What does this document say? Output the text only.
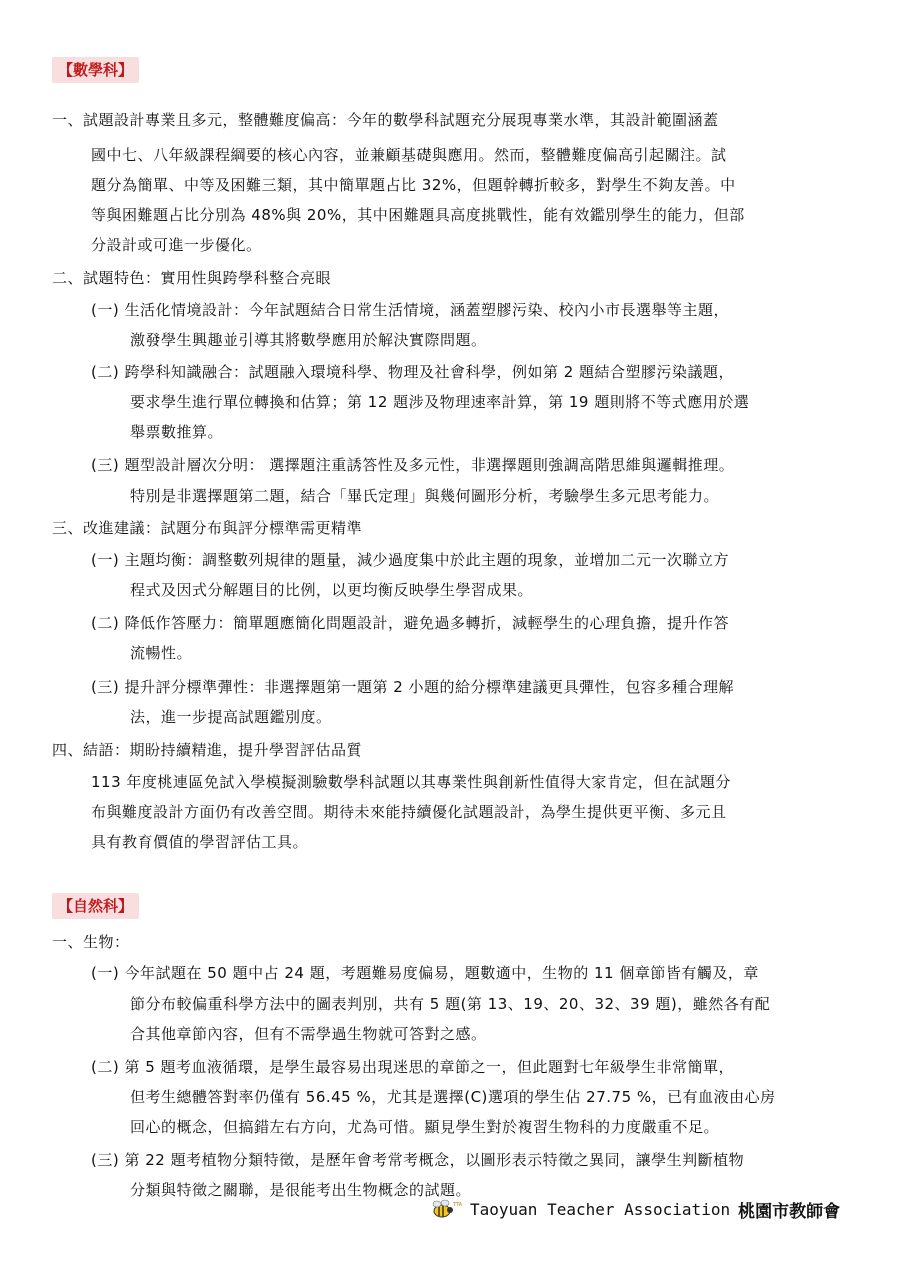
【數學科】
一、試題設計專業且多元，整體難度偏高：今年的數學科試題充分展現專業水準，其設計範圍涵蓋
國中七、八年級課程綱要的核心內容，並兼顧基礎與應用。然而，整體難度偏高引起關注。試
題分為簡單、中等及困難三類，其中簡單題占比 32%，但題幹轉折較多，對學生不夠友善。中
等與困難題占比分別為 48%與 20%，其中困難題具高度挑戰性，能有效鑑別學生的能力，但部
分設計或可進一步優化。
二、試題特色：實用性與跨學科整合亮眼
(一) 生活化情境設計：今年試題結合日常生活情境，涵蓋塑膠污染、校內小市長選舉等主題，
激發學生興趣並引導其將數學應用於解決實際問題。
(二) 跨學科知識融合：試題融入環境科學、物理及社會科學，例如第 2 題結合塑膠污染議題，
要求學生進行單位轉換和估算；第 12 題涉及物理速率計算，第 19 題則將不等式應用於選
舉票數推算。
(三) 題型設計層次分明： 選擇題注重誘答性及多元性，非選擇題則強調高階思維與邏輯推理。
特別是非選擇題第二題，結合「畢氏定理」與幾何圖形分析，考驗學生多元思考能力。
三、改進建議：試題分布與評分標準需更精準
(一) 主題均衡：調整數列規律的題量，減少過度集中於此主題的現象，並增加二元一次聯立方
程式及因式分解題目的比例，以更均衡反映學生學習成果。
(二) 降低作答壓力：簡單題應簡化問題設計，避免過多轉折，減輕學生的心理負擔，提升作答
流暢性。
(三) 提升評分標準彈性：非選擇題第一題第 2 小題的給分標準建議更具彈性，包容多種合理解
法，進一步提高試題鑑別度。
四、結語：期盼持續精進，提升學習評估品質
113 年度桃連區免試入學模擬測驗數學科試題以其專業性與創新性值得大家肯定，但在試題分
布與難度設計方面仍有改善空間。期待未來能持續優化試題設計，為學生提供更平衡、多元且
具有教育價值的學習評估工具。
【自然科】
一、生物：
(一) 今年試題在 50 題中占 24 題，考題難易度偏易，題數適中，生物的 11 個章節皆有觸及，章
節分布較偏重科學方法中的圖表判別，共有 5 題(第 13、19、20、32、39 題)，雖然各有配
合其他章節內容，但有不需學過生物就可答對之感。
(二) 第 5 題考血液循環，是學生最容易出現迷思的章節之一，但此題對七年級學生非常簡單，
但考生總體答對率仍僅有 56.45 %，尤其是選擇(C)選項的學生佔 27.75 %，已有血液由心房
回心的概念，但搞錯左右方向，尤為可惜。顯見學生對於複習生物科的力度嚴重不足。
(三) 第 22 題考植物分類特徵，是歷年會考常考概念，以圖形表示特徵之異同，讓學生判斷植物
分類與特徵之關聯，是很能考出生物概念的試題。
TTA Taoyuan Teacher Association 桃園市教師會
